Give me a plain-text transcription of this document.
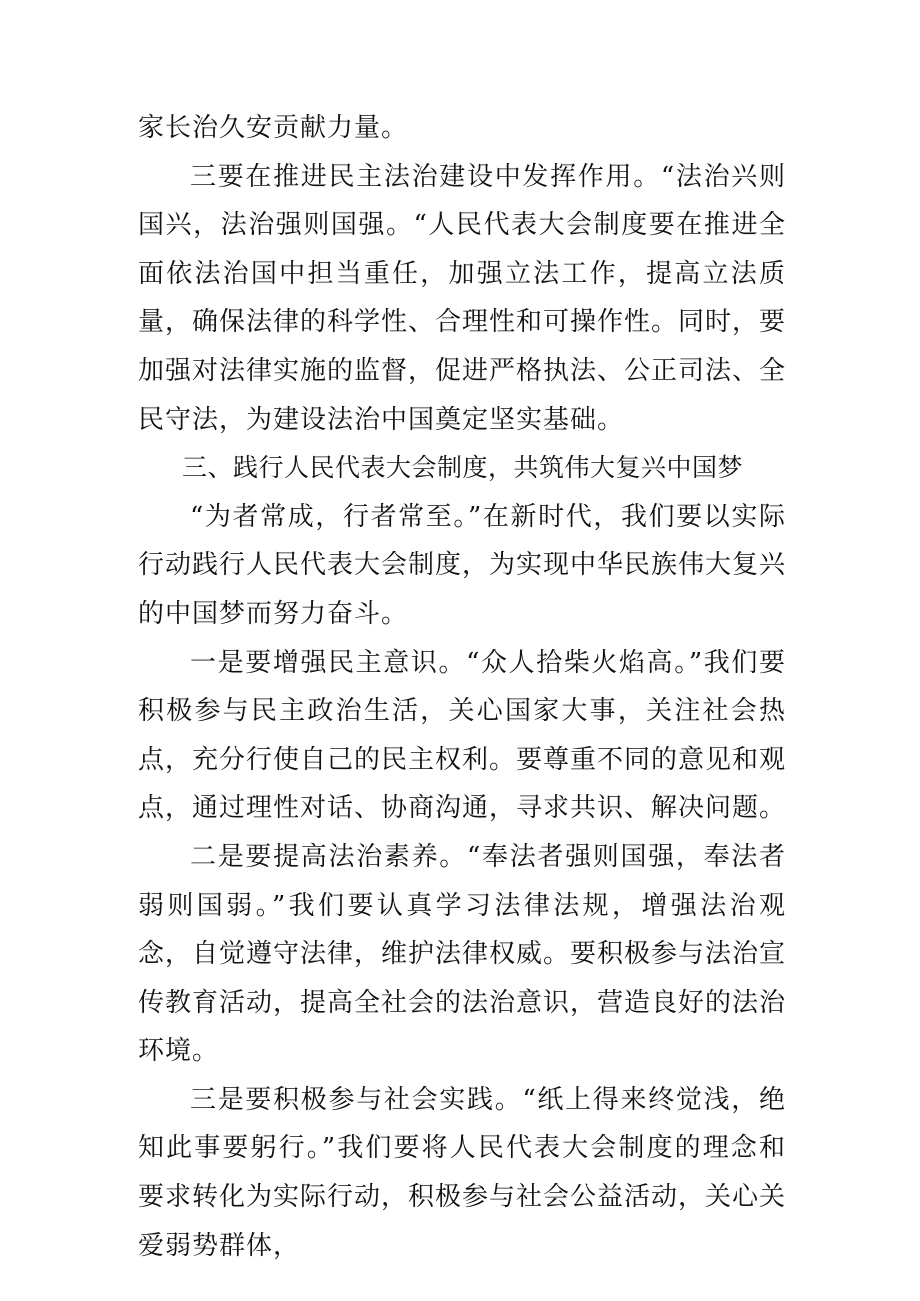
家长治久安贡献力量。

三要在推进民主法治建设中发挥作用。“法治兴则国兴，法治强则国强。“人民代表大会制度要在推进全面依法治国中担当重任，加强立法工作，提高立法质量，确保法律的科学性、合理性和可操作性。同时，要加强对法律实施的监督，促进严格执法、公正司法、全民守法，为建设法治中国奠定坚实基础。

三、践行人民代表大会制度，共筑伟大复兴中国梦

“为者常成，行者常至。”在新时代，我们要以实际行动践行人民代表大会制度，为实现中华民族伟大复兴的中国梦而努力奋斗。

一是要增强民主意识。“众人拾柴火焰高。”我们要积极参与民主政治生活，关心国家大事，关注社会热点，充分行使自己的民主权利。要尊重不同的意见和观点，通过理性对话、协商沟通，寻求共识、解决问题。

二是要提高法治素养。“奉法者强则国强，奉法者弱则国弱。”我们要认真学习法律法规，增强法治观念，自觉遵守法律，维护法律权威。要积极参与法治宣传教育活动，提高全社会的法治意识，营造良好的法治环境。

三是要积极参与社会实践。“纸上得来终觉浅，绝知此事要躬行。”我们要将人民代表大会制度的理念和要求转化为实际行动，积极参与社会公益活动，关心关爱弱势群体，
